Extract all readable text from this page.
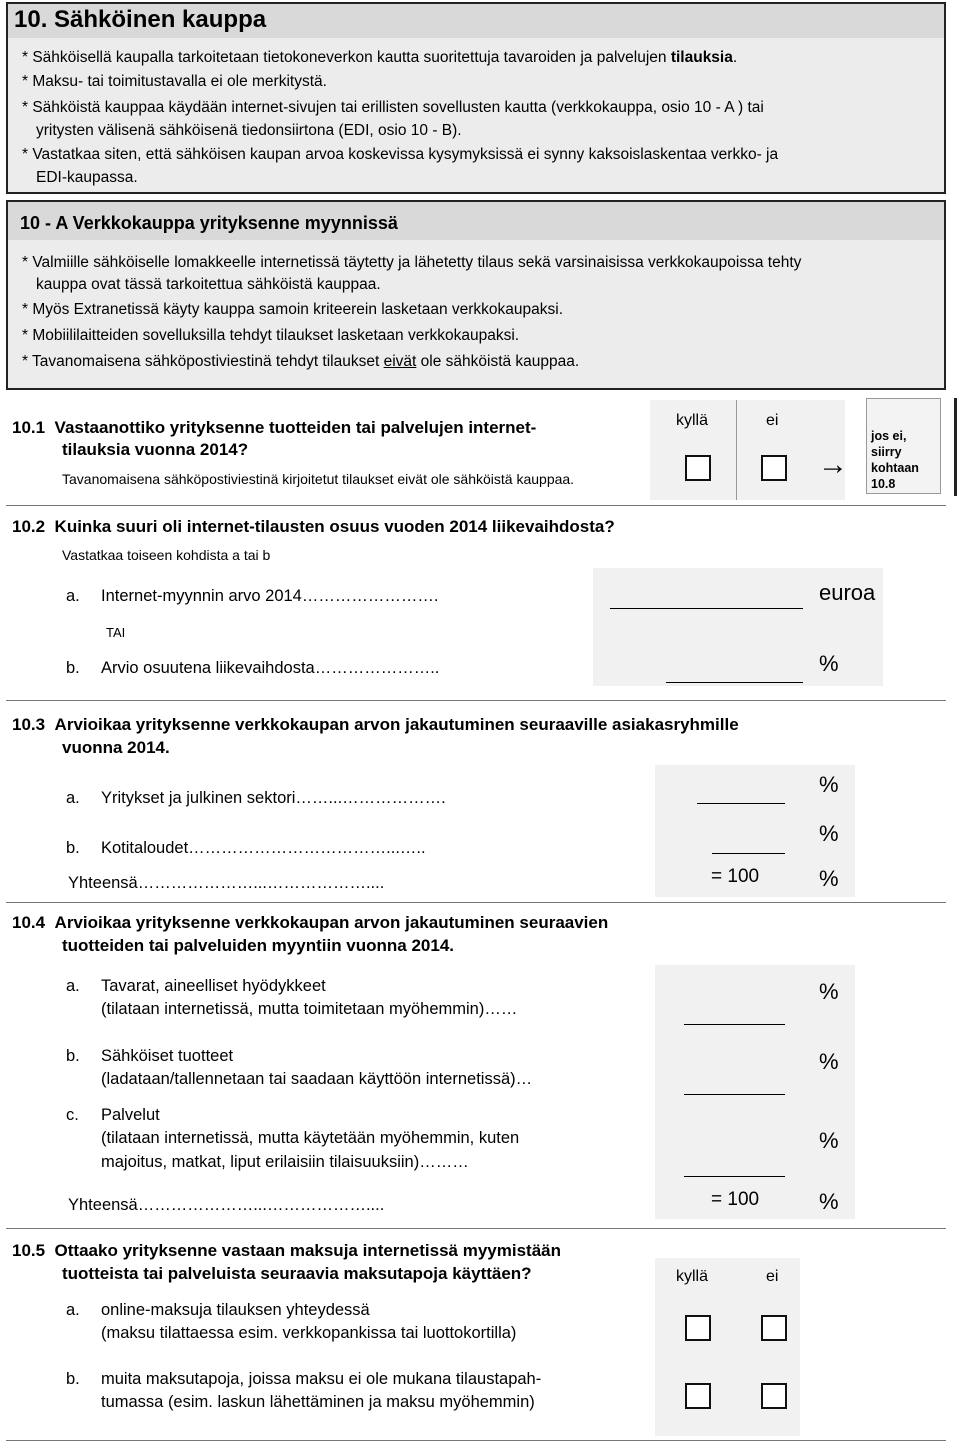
10. Sähköinen kauppa
* Sähköisellä kaupalla tarkoitetaan tietokoneverkon kautta suoritettuja tavaroiden ja palvelujen tilauksia.
* Maksu- tai toimitustavalla ei ole merkitystä.
* Sähköistä kauppaa käydään internet-sivujen tai erillisten sovellusten kautta (verkkokauppa, osio 10 - A ) tai
yritysten välisenä sähköisenä tiedonsiirtona (EDI, osio 10 - B).
* Vastatkaa siten, että sähköisen kaupan arvoa koskevissa kysymyksissä ei synny kaksoislaskentaa verkko- ja
EDI-kaupassa.
10 - A Verkkokauppa yrityksenne myynnissä
* Valmiille sähköiselle lomakkeelle internetissä täytetty ja lähetetty tilaus sekä varsinaisissa verkkokaupoissa tehty
kauppa ovat tässä tarkoitettua sähköistä kauppaa.
* Myös Extranetissä käyty kauppa samoin kriteerein lasketaan verkkokaupaksi.
* Mobiililaitteiden sovelluksilla tehdyt tilaukset lasketaan verkkokaupaksi.
* Tavanomaisena sähköpostiviestinä tehdyt tilaukset eivät ole sähköistä kauppaa.
10.1 Vastaanottiko yrityksenne tuotteiden tai palvelujen internet-
tilauksia vuonna 2014?
Tavanomaisena sähköpostiviestinä kirjoitetut tilaukset eivät ole sähköistä kauppaa.
kyllä	ei
→
jos ei,
siirry
kohtaan
10.8
10.2 Kuinka suuri oli internet-tilausten osuus vuoden 2014 liikevaihdosta?
Vastatkaa toiseen kohdista a tai b
a. Internet-myynnin arvo 2014…………………….	euroa
TAI
b. Arvio osuutena liikevaihdosta…………………..	%
10.3 Arvioikaa yrityksenne verkkokaupan arvon jakautuminen seuraaville asiakasryhmille
vuonna 2014.
a. Yritykset ja julkinen sektori……...……………….
%
b. Kotitaloudet………………………………...…..
%
Yhteensä…………………...………………....	= 100	%
10.4 Arvioikaa yrityksenne verkkokaupan arvon jakautuminen seuraavien
tuotteiden tai palveluiden myyntiin vuonna 2014.
a. Tavarat, aineelliset hyödykkeet
(tilataan internetissä, mutta toimitetaan myöhemmin)……
%
b. Sähköiset tuotteet
(ladataan/tallennetaan tai saadaan käyttöön internetissä)…
%
c. Palvelut
(tilataan internetissä, mutta käytetään myöhemmin, kuten
majoitus, matkat, liput erilaisiin tilaisuuksiin)………
%
Yhteensä…………………...………………....	= 100	%
10.5 Ottaako yrityksenne vastaan maksuja internetissä myymistään
tuotteista tai palveluista seuraavia maksutapoja käyttäen?	kyllä	ei
a. online-maksuja tilauksen yhteydessä
(maksu tilattaessa esim. verkkopankissa tai luottokortilla)
b. muita maksutapoja, joissa maksu ei ole mukana tilaustapah-
tumassa (esim. laskun lähettäminen ja maksu myöhemmin)
